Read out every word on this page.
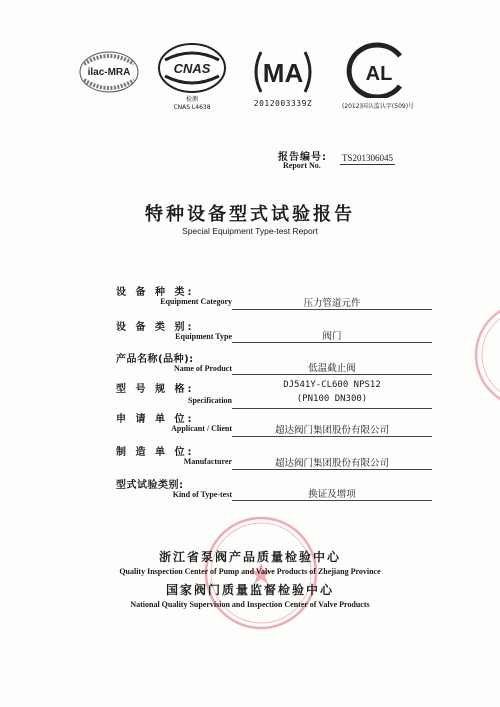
ilac-MRA	CNAS
检测
CNAS L4638
MA
2012003339Z
AL
(2012)国认监认字(509)号
报告编号:
Report No.
TS201306045
特种设备型式试验报告
Special Equipment Type-test Report
设 备 种 类:
Equipment Category	压力管道元件
设 备 类 别:
Equipment Type	阀门
产品名称(品种):
Name of Product	低温截止阀
型 号 规 格:
Specification
DJ541Y-CL600 NPS12
(PN100 DN300)
申 请 单 位:
Applicant / Client	超达阀门集团股份有限公司
制 造 单 位:
Manufacturer	超达阀门集团股份有限公司
型式试验类别:
Kind of Type-test	换证及增项
浙江省泵阀产品质量检验中心
Quality Inspection Center of Pump and Valve Products of Zhejiang Province
国家阀门质量监督检验中心
National Quality Supervision and Inspection Center of Valve Products
